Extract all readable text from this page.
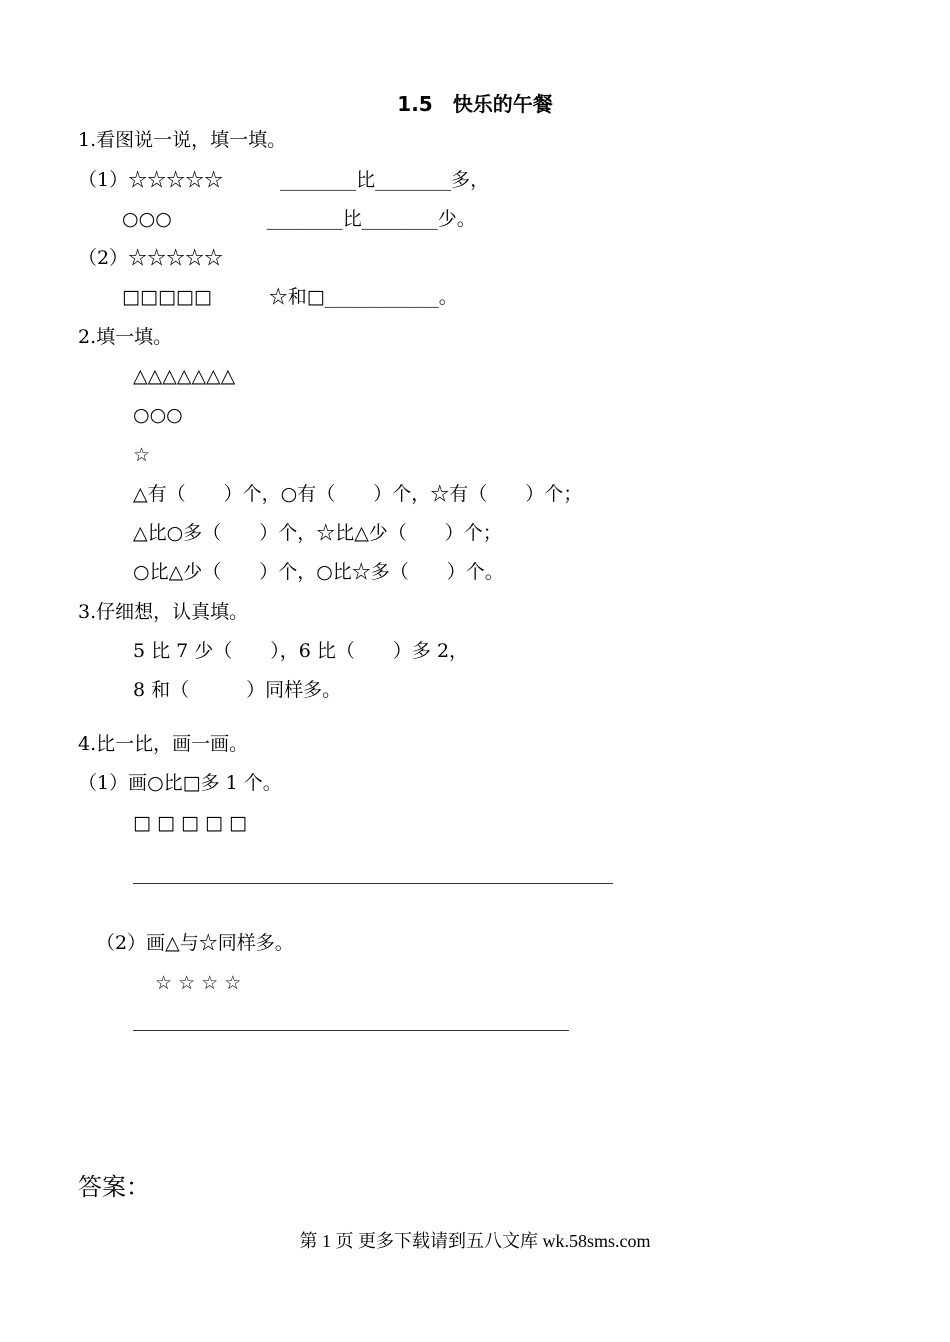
1.5　快乐的午餐
1.看图说一说，填一填。
（1）☆☆☆☆☆　　　________比________多，
　　 ○○○　　　　　________比________少。
（2）☆☆☆☆☆
　　 □□□□□　　　☆和□____________。
2.填一填。
△△△△△△△
○○○
☆
△有（　　）个，○有（　　）个，☆有（　　）个；
△比○多（　　）个，☆比△少（　　）个；
○比△少（　　）个，○比☆多（　　）个。
3.仔细想，认真填。
5 比 7 少（　　），6 比（　　）多 2，
8 和（　　　）同样多。
4.比一比，画一画。
（1）画○比□多 1 个。
□ □ □ □ □
（2）画△与☆同样多。
☆ ☆ ☆ ☆
答案：
第 1 页 更多下载请到五八文库 wk.58sms.com
